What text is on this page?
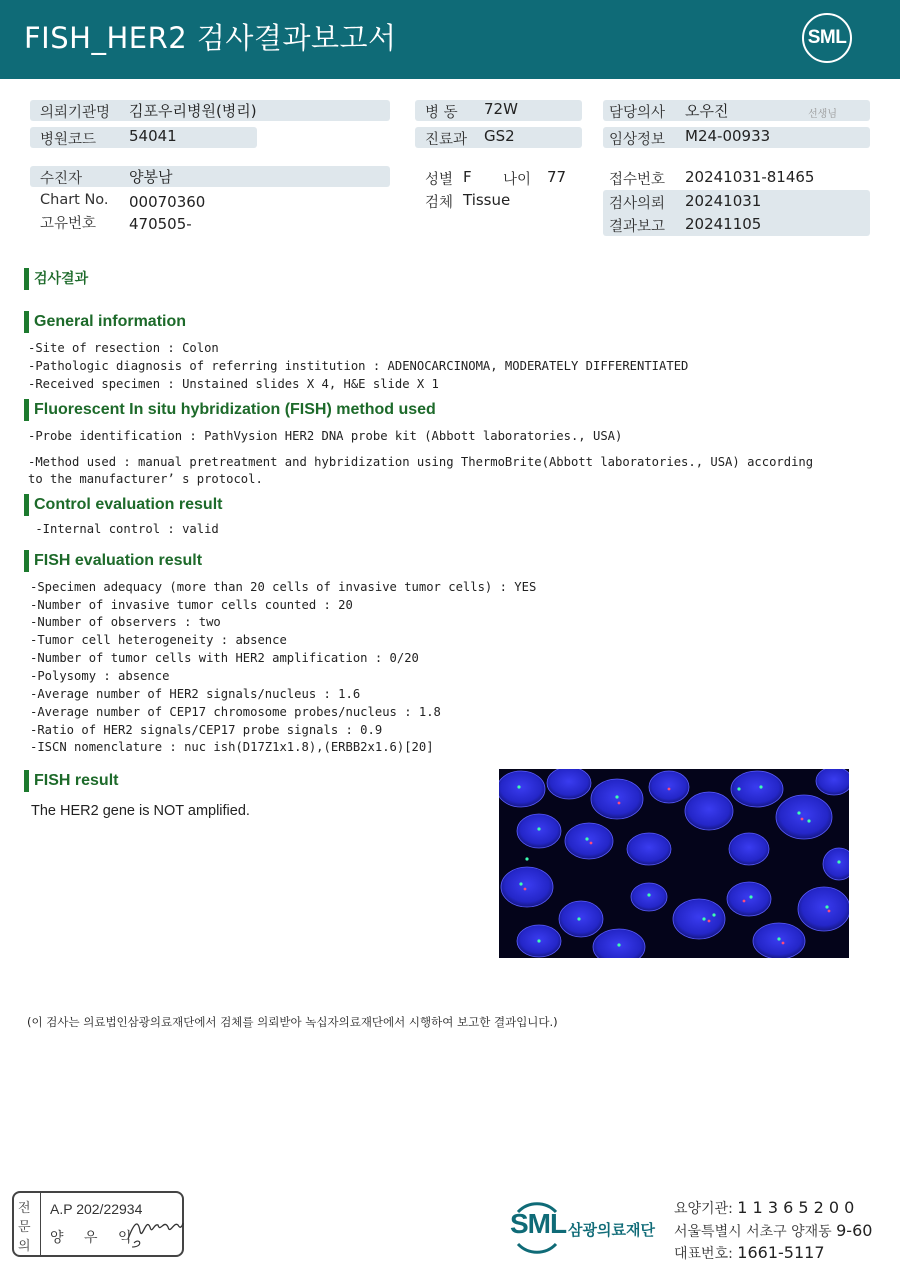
FISH_HER2 검사결과보고서	SML
의뢰기관명 김포우리병원(병리)
병원코드 54041
병 동 72W
진료과 GS2
담당의사 오우진	선생님
임상정보 M24-00933
수진자	양봉남
Chart No. 00070360
고유번호 470505-
성별 F 나이 77
검체 Tissue
접수번호 20241031-81465
검사의뢰 20241031
결과보고 20241105
검사결과
General information
-Site of resection : Colon
-Pathologic diagnosis of referring institution : ADENOCARCINOMA, MODERATELY DIFFERENTIATED
-Received specimen : Unstained slides X 4, H&E slide X 1
Fluorescent In situ hybridization (FISH) method used
-Probe identification : PathVysion HER2 DNA probe kit (Abbott laboratories., USA)
-Method used : manual pretreatment and hybridization using ThermoBrite(Abbott laboratories., USA) according
to the manufacturer’ s protocol.
Control evaluation result
-Internal control : valid
FISH evaluation result
-Specimen adequacy (more than 20 cells of invasive tumor cells) : YES
-Number of invasive tumor cells counted : 20
-Number of observers : two
-Tumor cell heterogeneity : absence
-Number of tumor cells with HER2 amplification : 0/20
-Polysomy : absence
-Average number of HER2 signals/nucleus : 1.6
-Average number of CEP17 chromosome probes/nucleus : 1.8
-Ratio of HER2 signals/CEP17 probe signals : 0.9
-ISCN nomenclature : nuc ish(D17Z1x1.8),(ERBB2x1.6)[20]
FISH result
The HER2 gene is NOT amplified.
(이 검사는 의료법인삼광의료재단에서 검체를 의뢰받아 녹십자의료재단에서 시행하여 보고한 결과입니다.)
전
문
의
A.P 202/22934
양 우 익	SML 삼광의료재단
요양기관: 1 1 3 6 5 2 0 0
서울특별시 서초구 양재동 9-60
대표번호: 1661-5117
